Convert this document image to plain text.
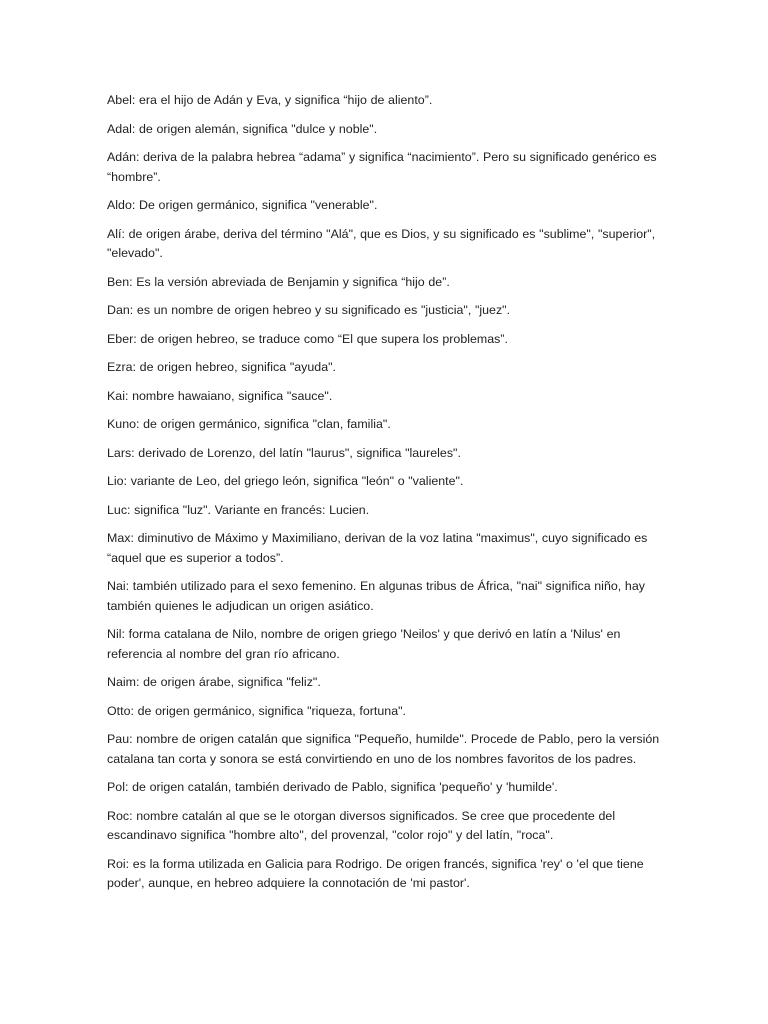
Abel: era el hijo de Adán y Eva, y significa “hijo de aliento”.

Adal: de origen alemán, significa "dulce y noble".

Adán: deriva de la palabra hebrea “adama” y significa “nacimiento”. Pero su significado genérico es “hombre”.

Aldo: De origen germánico, significa "venerable".

Alí: de origen árabe, deriva del término "Alá", que es Dios, y su significado es "sublime", "superior", "elevado".

Ben: Es la versión abreviada de Benjamin y significa “hijo de”.

Dan: es un nombre de origen hebreo y su significado es "justicia", "juez".

Eber: de origen hebreo, se traduce como “El que supera los problemas”.

Ezra: de origen hebreo, significa "ayuda".

Kai: nombre hawaiano, significa "sauce".

Kuno: de origen germánico, significa "clan, familia".

Lars: derivado de Lorenzo, del latín "laurus", significa "laureles".

Lio: variante de Leo, del griego león, significa "león" o "valiente".

Luc: significa "luz". Variante en francés: Lucien.

Max: diminutivo de Máximo y Maximiliano, derivan de la voz latina "maximus", cuyo significado es “aquel que es superior a todos”.

Nai: también utilizado para el sexo femenino. En algunas tribus de África, "nai" significa niño, hay también quienes le adjudican un origen asiático.

Nil: forma catalana de Nilo, nombre de origen griego 'Neilos' y que derivó en latín a 'Nilus' en referencia al nombre del gran río africano.

Naim: de origen árabe, significa "feliz".

Otto: de origen germánico, significa "riqueza, fortuna".

Pau: nombre de origen catalán que significa "Pequeño, humilde". Procede de Pablo, pero la versión catalana tan corta y sonora se está convirtiendo en uno de los nombres favoritos de los padres.

Pol: de origen catalán, también derivado de Pablo, significa 'pequeño' y 'humilde'.

Roc: nombre catalán al que se le otorgan diversos significados. Se cree que procedente del escandinavo significa "hombre alto", del provenzal, "color rojo" y del latín, "roca".

Roi: es la forma utilizada en Galicia para Rodrigo. De origen francés, significa 'rey' o 'el que tiene poder', aunque, en hebreo adquiere la connotación de 'mi pastor'.
